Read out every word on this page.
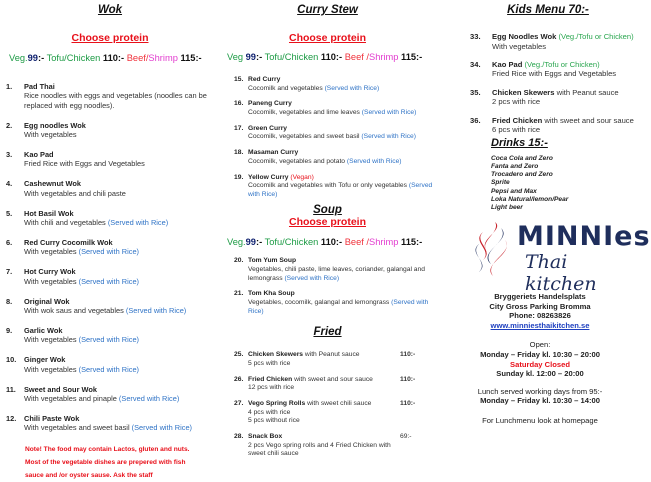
Wok
Choose protein
Veg.99:- Tofu/Chicken 110:- Beef/Shrimp 115:-
1. Pad Thai
Rice noodles with eggs and vegetables (noodles can be replaced with egg noodles).
2. Egg noodles Wok
With vegetables
3. Kao Pad
Fried Rice with Eggs and Vegetables
4. Cashewnut Wok
With vegetables and chili paste
5. Hot Basil Wok
With chili and vegetables (Served with Rice)
6. Red Curry Cocomilk Wok
With vegetables (Served with Rice)
7. Hot Curry Wok
With vegetables (Served with Rice)
8. Original Wok
With wok saus and vegetables (Served with Rice)
9. Garlic Wok
With vegetables (Served with Rice)
10. Ginger Wok
With vegetables (Served with Rice)
11. Sweet and Sour Wok
With vegetables and pinaple (Served with Rice)
12. Chili Paste Wok
With vegetables and sweet basil (Served with Rice)
Note! The food may contain Lactos, gluten and nuts.
Most of the vegetable dishes are prepered with fish
sauce and /or oyster sause. Ask the staff
Curry Stew
Choose protein
Veg 99:- Tofu/Chicken 110:- Beef /Shrimp 115:-
15. Red Curry
Cocomilk and vegetables (Served with Rice)
16. Paneng Curry
Cocomilk, vegetables and lime leaves (Served with Rice)
17. Green Curry
Cocomilk, vegetables and sweet basil (Served with Rice)
18. Masaman Curry
Cocomilk, vegetables and potato (Served with Rice)
19. Yellow Curry (Vegan)
Cocomilk and vegetables with Tofu or only vegetables (Served with Rice)
Soup
Choose protein
Veg.99:- Tofu/Chicken 110:- Beef /Shrimp 115:-
20. Tom Yum Soup
Vegetables, chili paste, lime leaves, coriander, galangal and lemongrass (Served with Rice)
21. Tom Kha Soup
Vegetables, cocomilk, galangal and lemongrass (Served with Rice)
Fried
25. Chicken Skewers with Peanut sauce
5 pcs with rice
110:-
26. Fried Chicken with sweet and sour sauce
12 pcs with rice
110:-
27. Vego Spring Rolls with sweet chili sauce
4 pcs with rice
5 pcs without rice
110:-
28. Snack Box
2 pcs Vego spring rolls and 4 Fried Chicken with sweet chili sauce
69:-
Kids Menu 70:-
33. Egg Noodles Wok (Veg./Tofu or Chicken)
With vegetables
34. Kao Pad (Veg./Tofu or Chicken)
Fried Rice with Eggs and Vegetables
35. Chicken Skewers with Peanut sauce
2 pcs with rice
36. Fried Chicken with sweet and sour sauce
6 pcs with rice
Drinks 15:-
Coca Cola and Zero
Fanta and Zero
Trocadero and Zero
Sprite
Pepsi and Max
Loka Natural/lemon/Pear
Light beer
MINNIes
Thai kitchen
Bryggeriets Handelsplats
City Gross Parking Bromma
Phone: 08263826
www.minniesthaikitchen.se
Open:
Monday – Friday kl. 10:30 – 20:00
Saturday Closed
Sunday kl. 12:00 – 20:00
Lunch served working days from 95:-
Monday – Friday kl. 10:30 – 14:00
For Lunchmenu look at homepage
